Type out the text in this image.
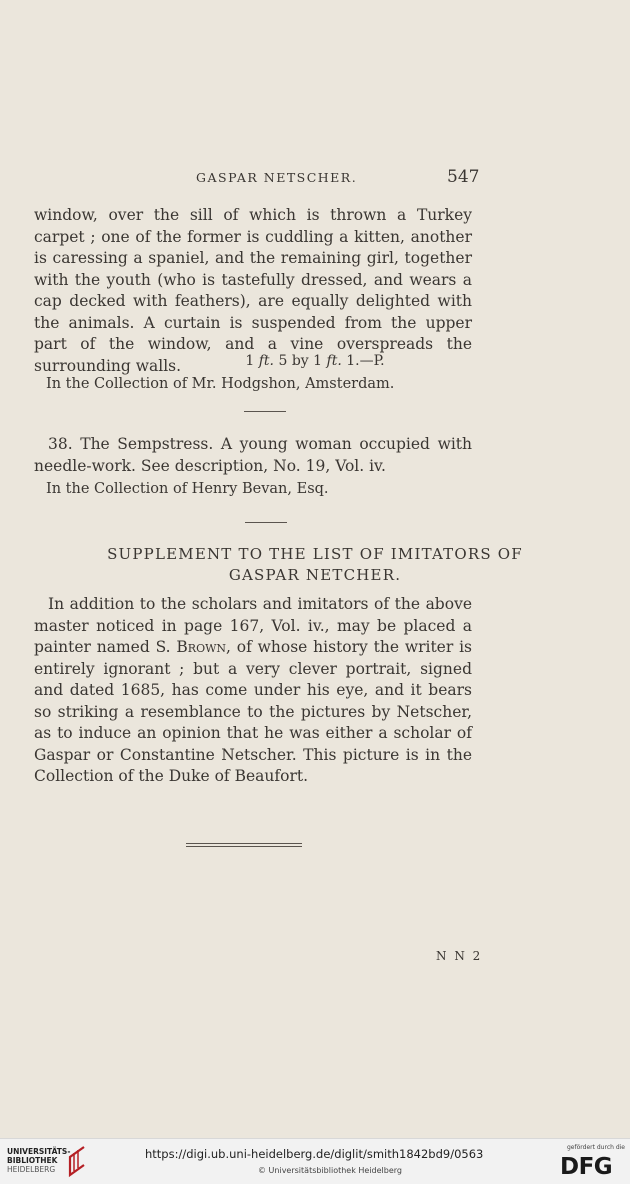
GASPAR NETSCHER.	547

window, over the sill of which is thrown a Turkey carpet ; one of the former is cuddling a kitten, another is caressing a spaniel, and the remaining girl, together with the youth (who is tastefully dressed, and wears a cap decked with feathers), are equally delighted with the animals. A curtain is suspended from the upper part of the window, and a vine overspreads the surrounding walls.	1 ft. 5 by 1 ft. 1.—P.
In the Collection of Mr. Hodgshon, Amsterdam.

38. The Sempstress. A young woman occupied with needle-work. See description, No. 19, Vol. iv.

In the Collection of Henry Bevan, Esq.
SUPPLEMENT TO THE LIST OF IMITATORS OF
GASPAR NETCHER.

In addition to the scholars and imitators of the above master noticed in page 167, Vol. iv., may be placed a painter named S. Brown, of whose history the writer is entirely ignorant ; but a very clever portrait, signed and dated 1685, has come under his eye, and it bears so striking a resemblance to the pictures by Netscher, as to induce an opinion that he was either a scholar of Gaspar or Constantine Netscher. This picture is in the Collection of the Duke of Beaufort.

N N 2
UNIVERSITÄTS-
BIBLIOTHEK
HEIDELBERG
https://digi.ub.uni-heidelberg.de/diglit/smith1842bd9/0563
© Universitätsbibliothek Heidelberg
gefördert durch die
DFG
